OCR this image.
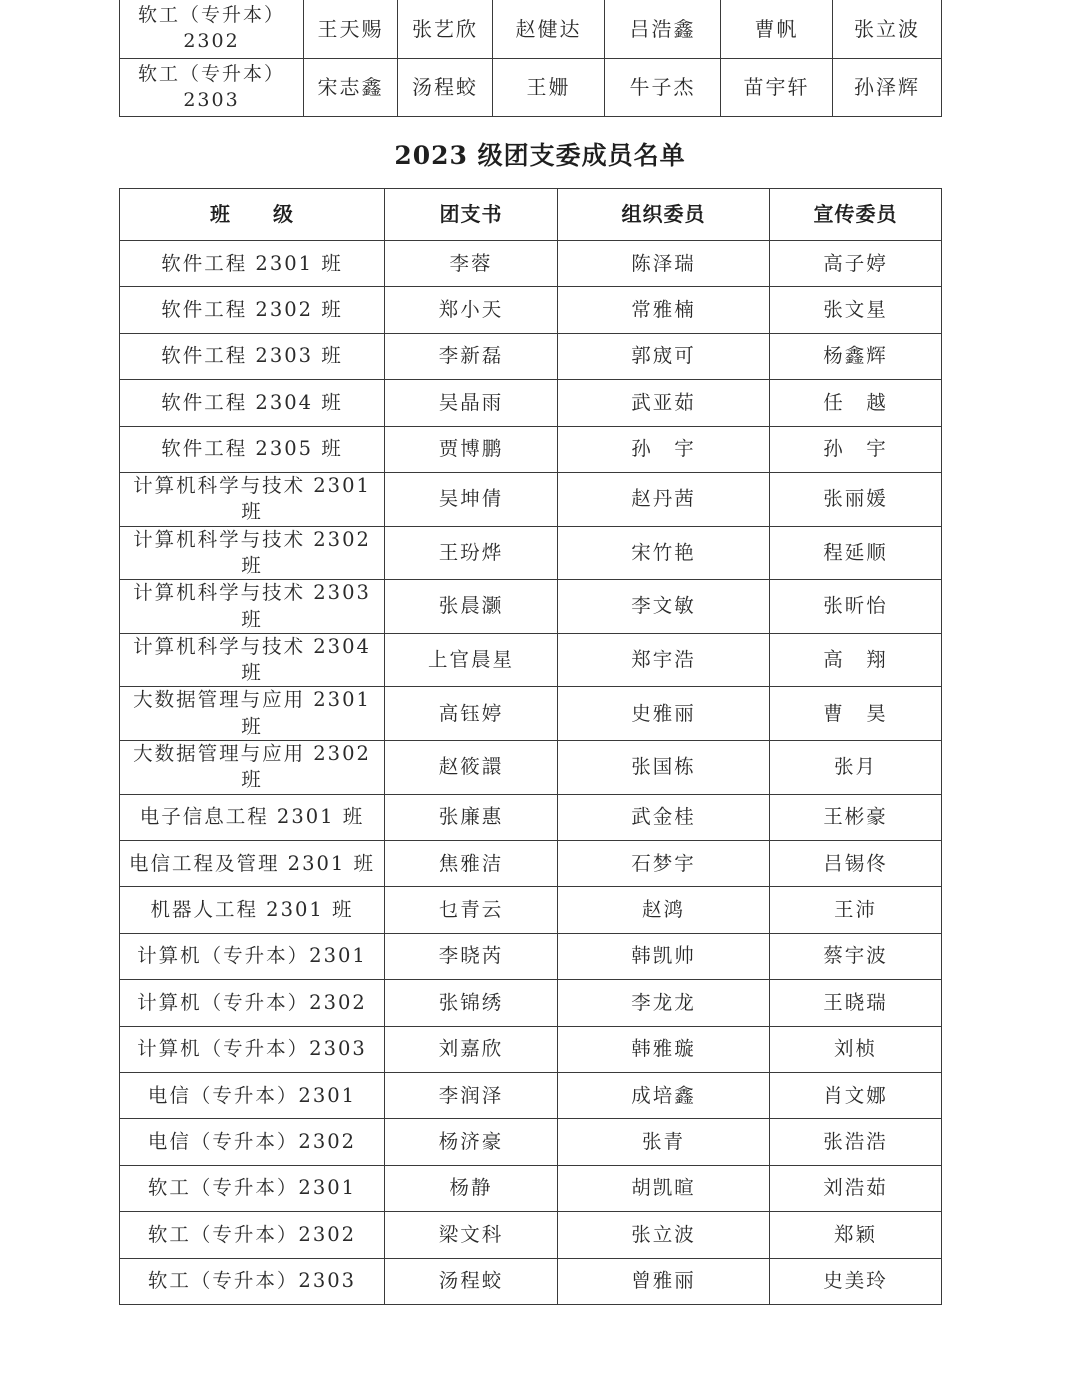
软工（专升本）2302	王天赐	张艺欣	赵健达	吕浩鑫	曹帆	张立波
软工（专升本）2303	宋志鑫	汤程蛟	王姗	牛子杰	苗宇轩	孙泽辉
2023 级团支委成员名单
班　　级	团支书	组织委员	宣传委员
软件工程 2301 班	李蓉	陈泽瑞	高子婷
软件工程 2302 班	郑小天	常雅楠	张文星
软件工程 2303 班	李新磊	郭宬可	杨鑫辉
软件工程 2304 班	吴晶雨	武亚茹	任　越
软件工程 2305 班	贾博鹏	孙　宇	孙　宇
计算机科学与技术 2301 班	吴坤倩	赵丹茜	张丽媛
计算机科学与技术 2302 班	王玢烨	宋竹艳	程延顺
计算机科学与技术 2303 班	张晨灏	李文敏	张昕怡
计算机科学与技术 2304 班	上官晨星	郑宇浩	高　翔
大数据管理与应用 2301 班	高钰婷	史雅丽	曹　昊
大数据管理与应用 2302 班	赵筱譞	张国栋	张月
电子信息工程 2301 班	张廉惠	武金桂	王彬豪
电信工程及管理 2301 班	焦雅洁	石梦宇	吕锡佟
机器人工程 2301 班	乜青云	赵鸿	王沛
计算机（专升本）2301	李晓芮	韩凯帅	蔡宇波
计算机（专升本）2302	张锦绣	李龙龙	王晓瑞
计算机（专升本）2303	刘嘉欣	韩雅璇	刘桢
电信（专升本）2301	李润泽	成培鑫	肖文娜
电信（专升本）2302	杨济豪	张青	张浩浩
软工（专升本）2301	杨静	胡凯暄	刘浩茹
软工（专升本）2302	梁文科	张立波	郑颖
软工（专升本）2303	汤程蛟	曾雅丽	史美玲
